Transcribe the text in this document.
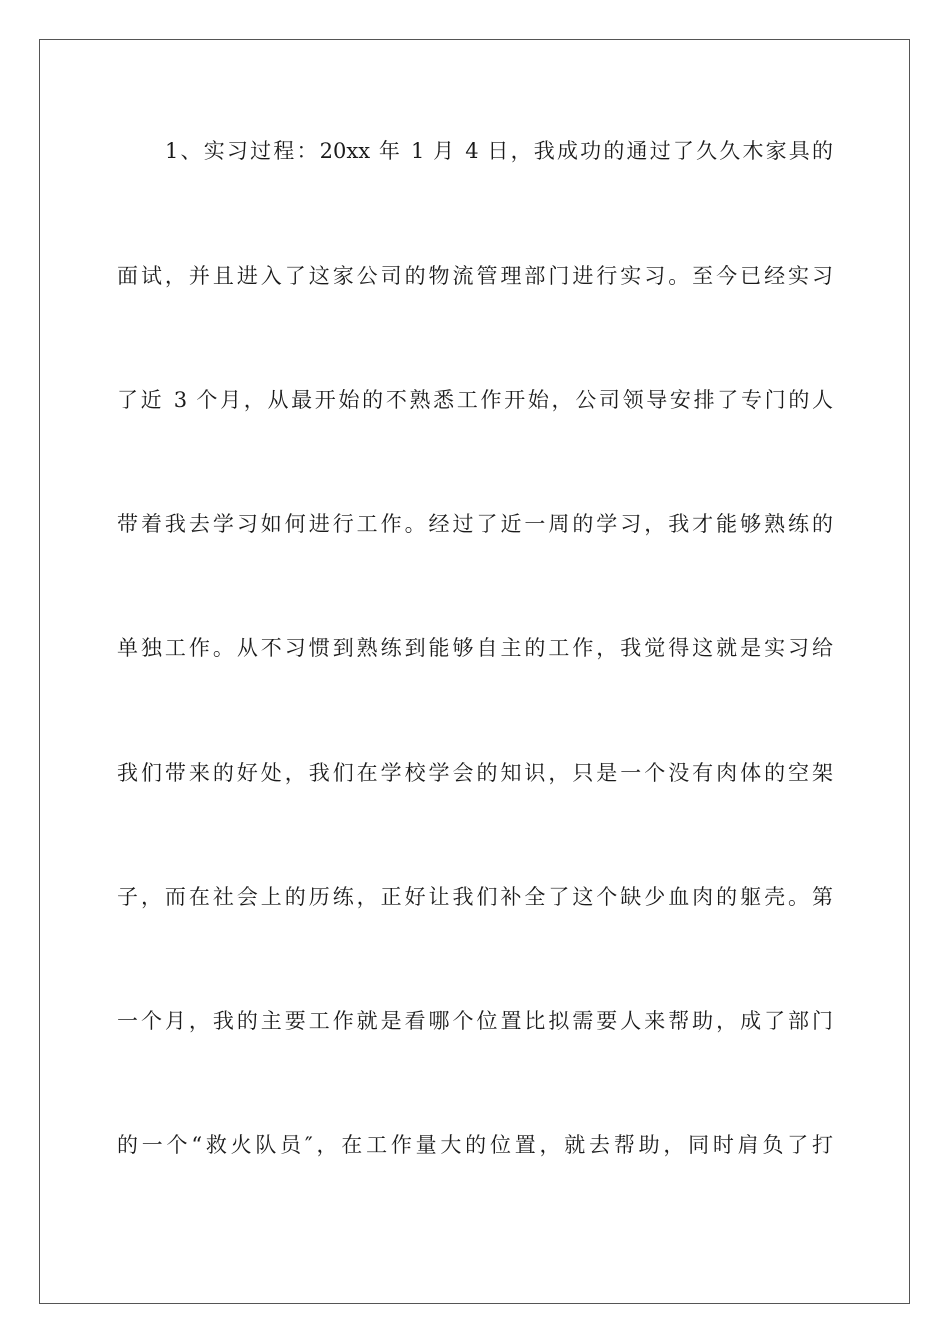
1、实习过程：20xx 年 1 月 4 日，我成功的通过了久久木家具的

面试，并且进入了这家公司的物流管理部门进行实习。至今已经实习

了近 3 个月，从最开始的不熟悉工作开始，公司领导安排了专门的人

带着我去学习如何进行工作。经过了近一周的学习，我才能够熟练的

单独工作。从不习惯到熟练到能够自主的工作，我觉得这就是实习给

我们带来的好处，我们在学校学会的知识，只是一个没有肉体的空架

子，而在社会上的历练，正好让我们补全了这个缺少血肉的躯壳。第

一个月，我的主要工作就是看哪个位置比拟需要人来帮助，成了部门

的一个“救火队员″，在工作量大的位置，就去帮助，同时肩负了打
